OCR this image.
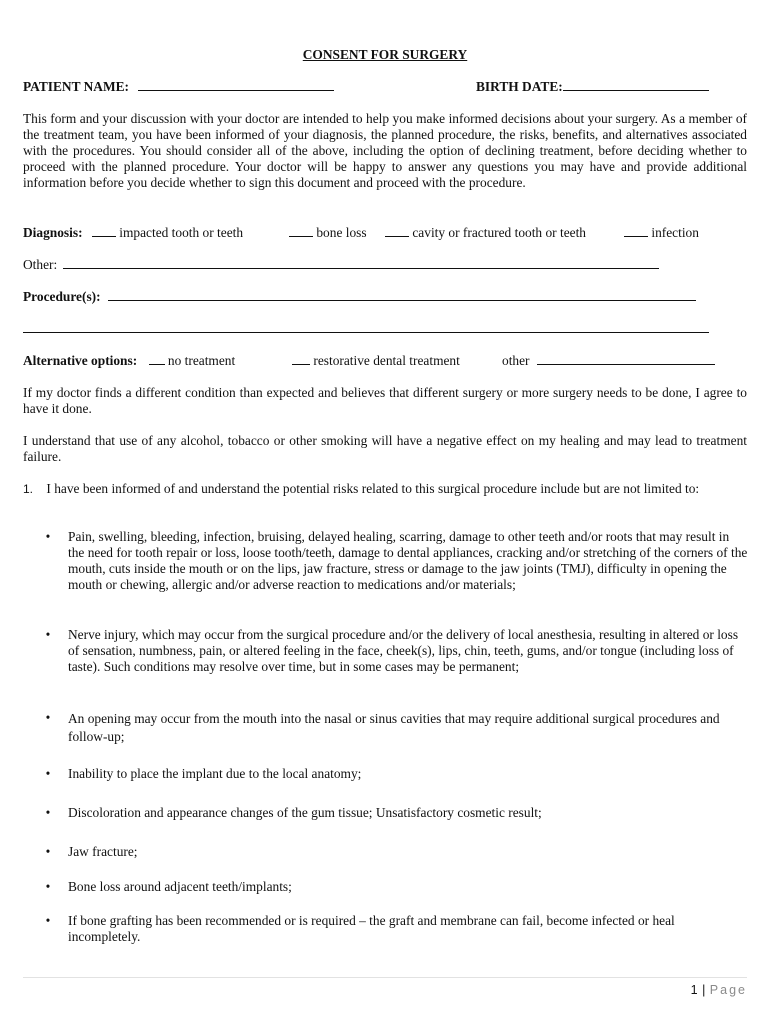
CONSENT FOR SURGERY
PATIENT NAME:	BIRTH DATE:
This form and your discussion with your doctor are intended to help you make informed decisions about your surgery. As a member of the treatment team, you have been informed of your diagnosis, the planned procedure, the risks, benefits, and alternatives associated with the procedures. You should consider all of the above, including the option of declining treatment, before deciding whether to proceed with the planned procedure. Your doctor will be happy to answer any questions you may have and provide additional information before you decide whether to sign this document and proceed with the procedure.
Diagnosis:	impacted tooth or teeth	bone loss	cavity or fractured tooth or teeth	infection
Other:
Procedure(s):
Alternative options: no treatment	restorative dental treatment	other
If my doctor finds a different condition than expected and believes that different surgery or more surgery needs to be done, I agree to have it done.
I understand that use of any alcohol, tobacco or other smoking will have a negative effect on my healing and may lead to treatment failure.
1. I have been informed of and understand the potential risks related to this surgical procedure include but are not limited to:
• Pain, swelling, bleeding, infection, bruising, delayed healing, scarring, damage to other teeth and/or roots that may result in the need for tooth repair or loss, loose tooth/teeth, damage to dental appliances, cracking and/or stretching of the corners of the mouth, cuts inside the mouth or on the lips, jaw fracture, stress or damage to the jaw joints (TMJ), difficulty in opening the mouth or chewing, allergic and/or adverse reaction to medications and/or materials;
• Nerve injury, which may occur from the surgical procedure and/or the delivery of local anesthesia, resulting in altered or loss of sensation, numbness, pain, or altered feeling in the face, cheek(s), lips, chin, teeth, gums, and/or tongue (including loss of taste). Such conditions may resolve over time, but in some cases may be permanent;
• An opening may occur from the mouth into the nasal or sinus cavities that may require additional surgical procedures and follow-up;
• Inability to place the implant due to the local anatomy;
• Discoloration and appearance changes of the gum tissue; Unsatisfactory cosmetic result;
• Jaw fracture;
• Bone loss around adjacent teeth/implants;
• If bone grafting has been recommended or is required – the graft and membrane can fail, become infected or heal incompletely.
1 | Page
